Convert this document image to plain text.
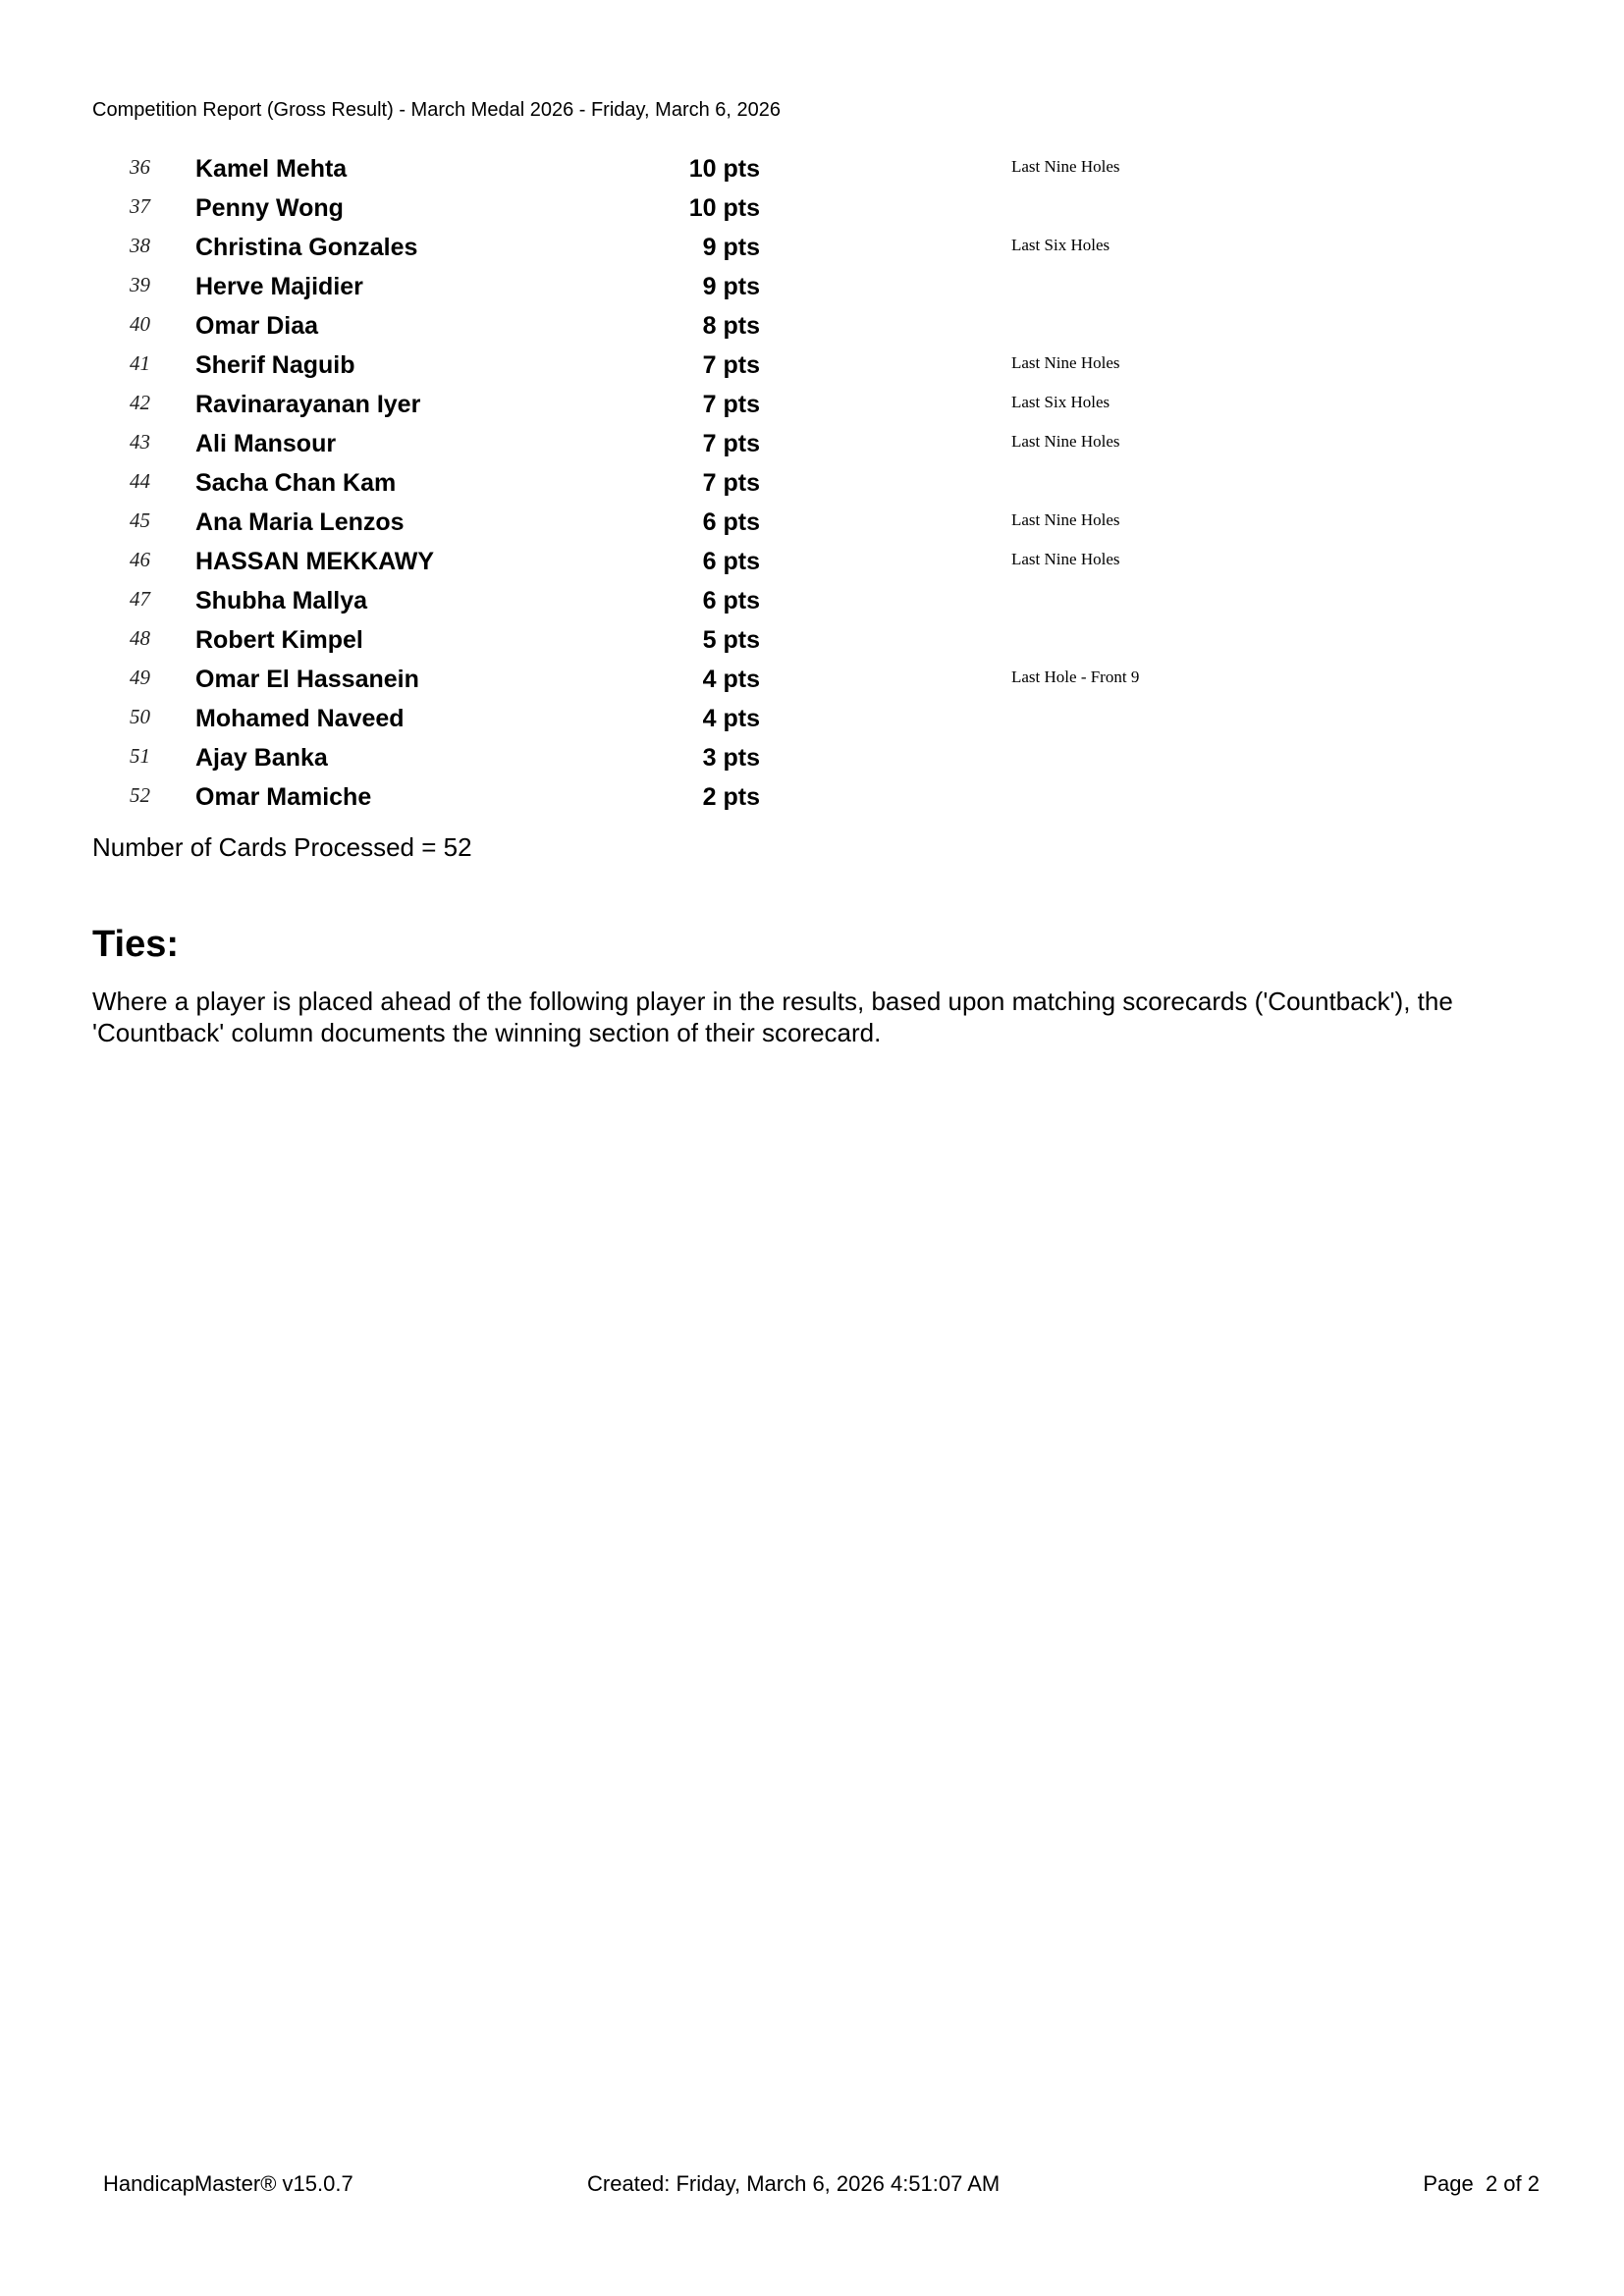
Competition Report (Gross Result) - March Medal 2026 - Friday, March 6, 2026
36	Kamel Mehta	10 pts	Last Nine Holes
37	Penny Wong	10 pts
38	Christina Gonzales	9 pts	Last Six Holes
39	Herve Majidier	9 pts
40	Omar Diaa	8 pts
41	Sherif Naguib	7 pts	Last Nine Holes
42	Ravinarayanan Iyer	7 pts	Last Six Holes
43	Ali Mansour	7 pts	Last Nine Holes
44	Sacha Chan Kam	7 pts
45	Ana Maria Lenzos	6 pts	Last Nine Holes
46	HASSAN MEKKAWY	6 pts	Last Nine Holes
47	Shubha Mallya	6 pts
48	Robert Kimpel	5 pts
49	Omar El Hassanein	4 pts	Last Hole - Front 9
50	Mohamed Naveed	4 pts
51	Ajay Banka	3 pts
52	Omar Mamiche	2 pts
Number of Cards Processed = 52
Ties:

Where a player is placed ahead of the following player in the results, based upon matching scorecards ('Countback'), the 'Countback' column documents the winning section of their scorecard.

HandicapMaster® v15.0.7	Created: Friday, March 6, 2026 4:51:07 AM	Page  2 of 2
